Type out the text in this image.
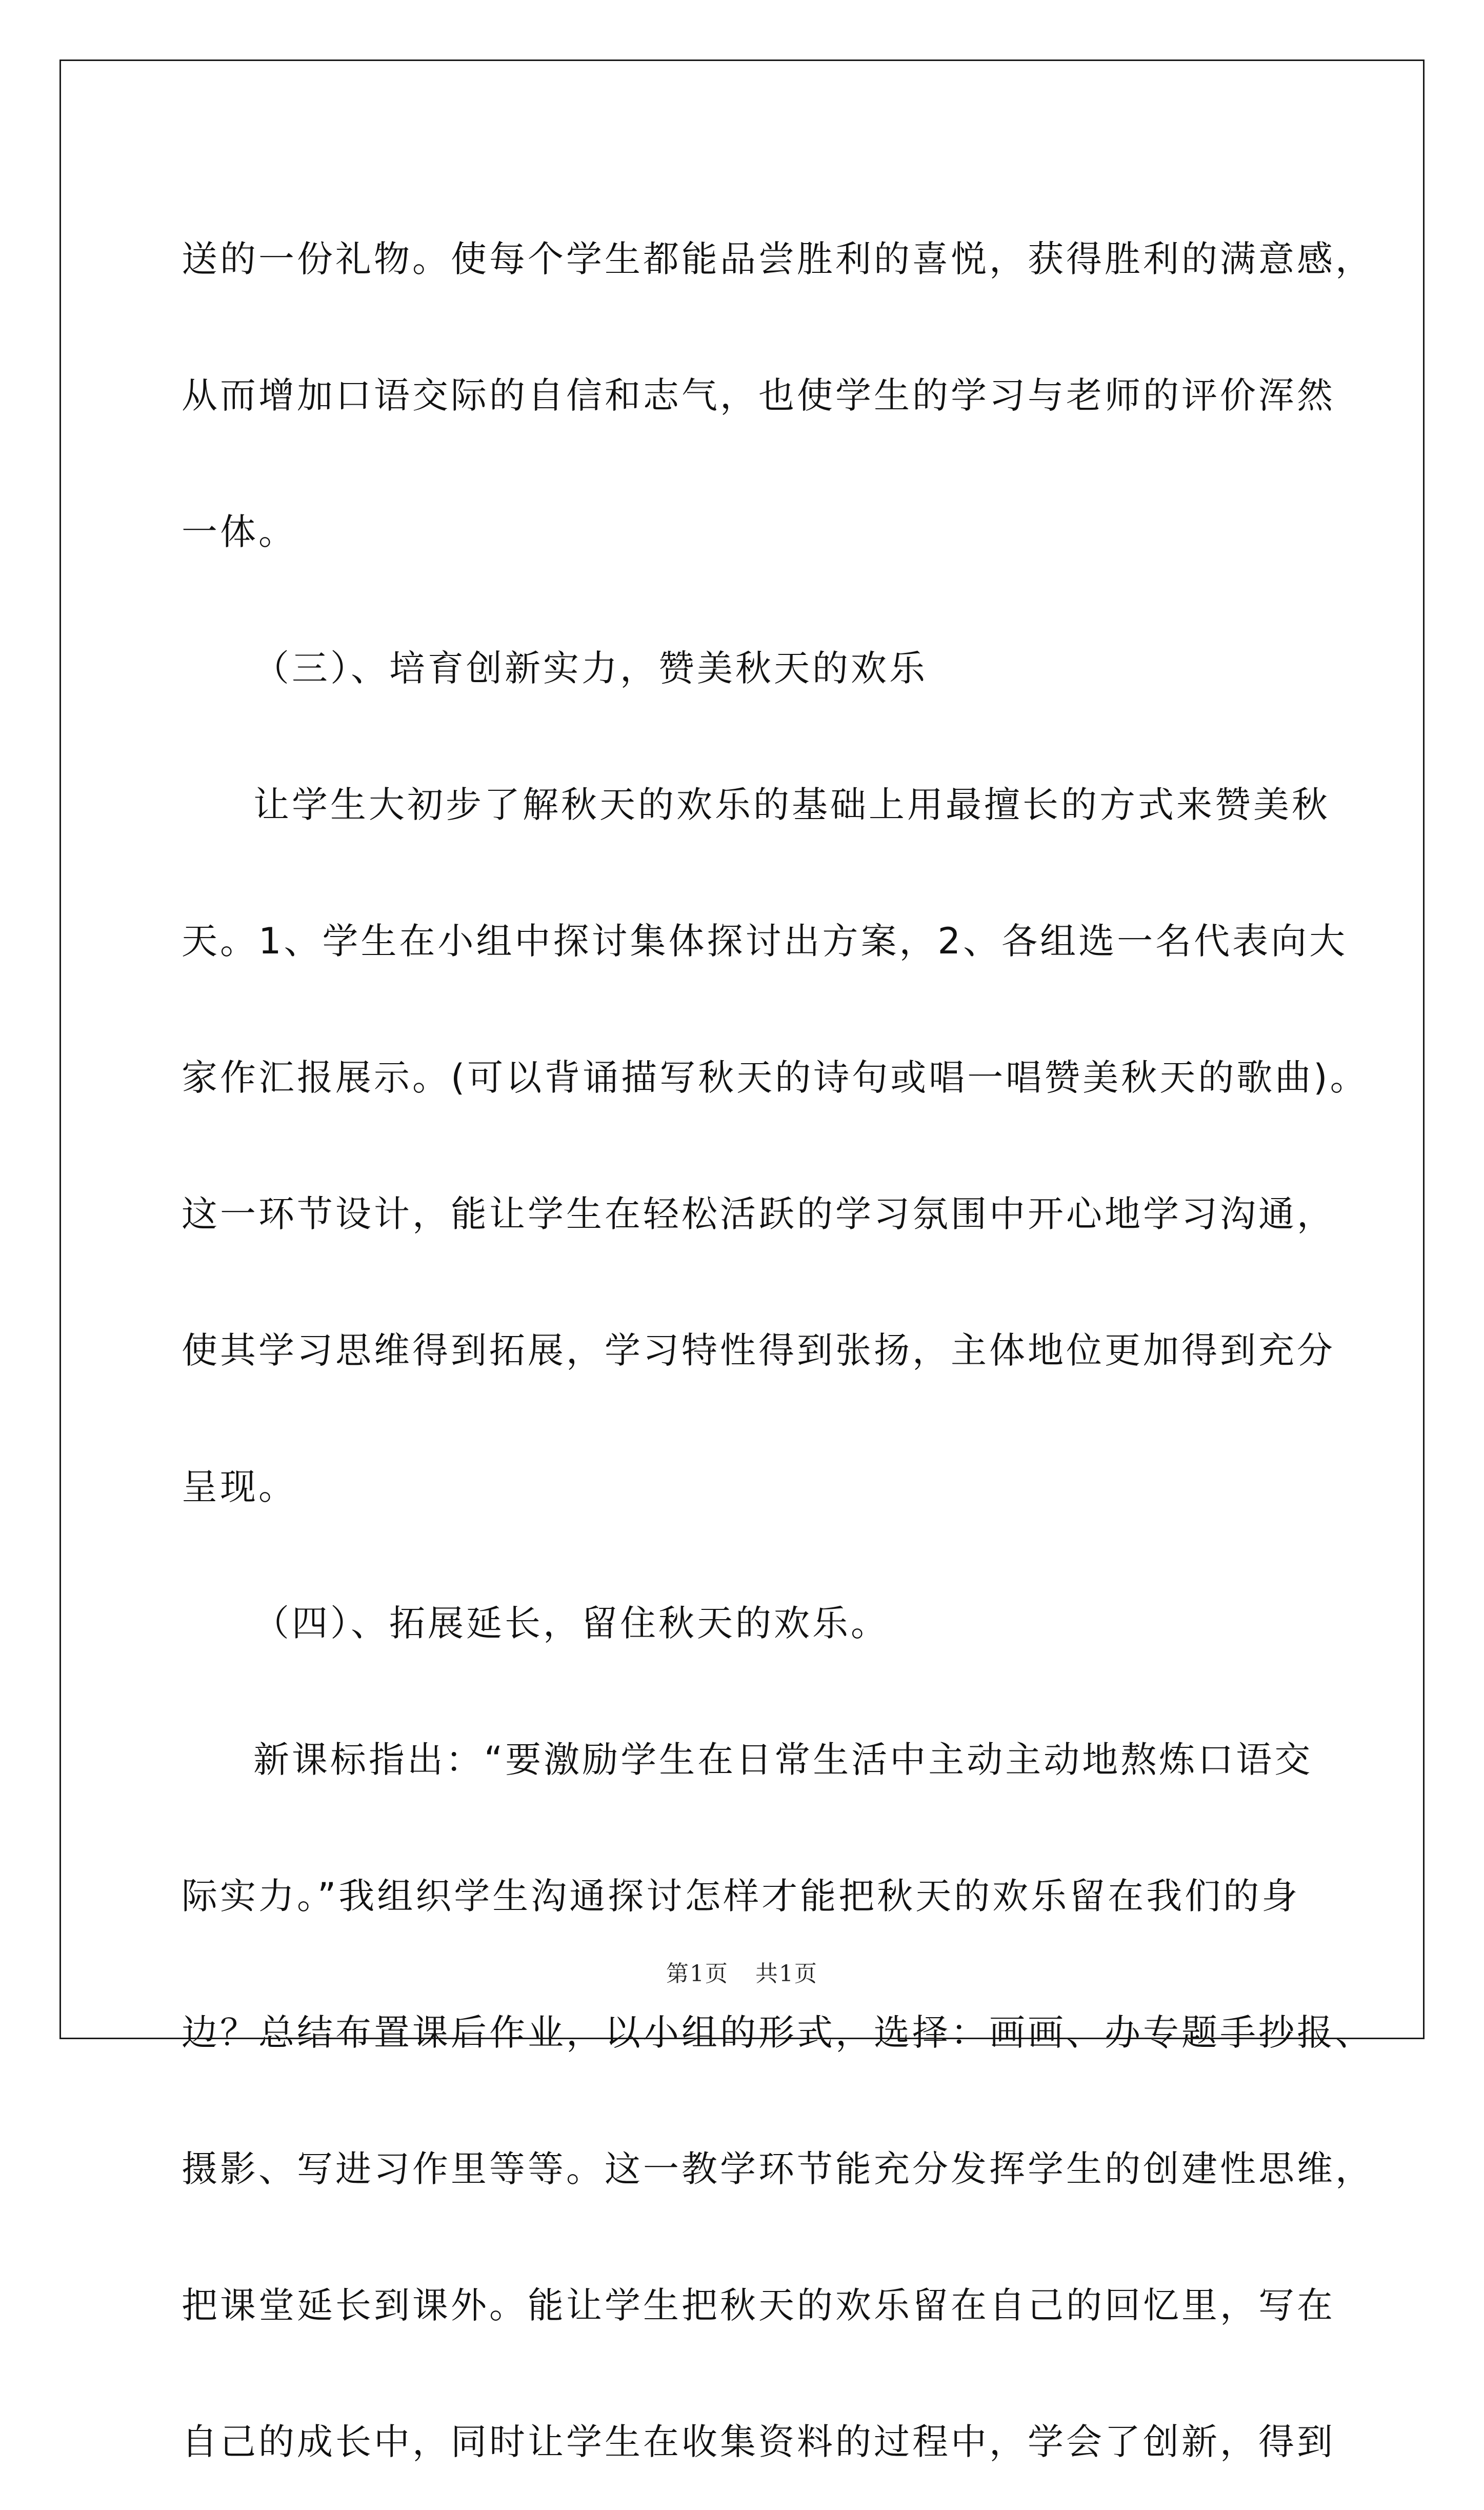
送的一份礼物。使每个学生都能品尝胜利的喜悦，获得胜利的满意感，
从而增加口语交际的自信和志气，也使学生的学习与老师的评价浑然
一体。
（三）、培育创新实力，赞美秋天的欢乐
让学生大初步了解秋天的欢乐的基础上用最擅长的方式来赞美秋
天。1、学生在小组中探讨集体探讨出方案，2、各组选一名代表向大
家作汇报展示。(可以背诵描写秋天的诗句或唱一唱赞美秋天的歌曲)。
这一环节设计，能让学生在轻松活跃的学习氛围中开心地学习沟通，
使其学习思维得到拓展，学习特性得到张扬，主体地位更加得到充分
呈现。
（四）、拓展延长，留住秋天的欢乐。
新课标指出：“要激励学生在日常生活中主动主动地熬炼口语交
际实力。”我组织学生沟通探讨怎样才能把秋天的欢乐留在我们的身
边？总结布置课后作业，以小组的形式，选择：画画、办专题手抄报、
摄影、写进习作里等等。这一教学环节能充分发挥学生的创建性思维，
把课堂延长到课外。能让学生把秋天的欢乐留在自己的回忆里，写在
自己的成长中，同时让学生在收集资料的过程中，学会了创新，得到
第1页 共1页
